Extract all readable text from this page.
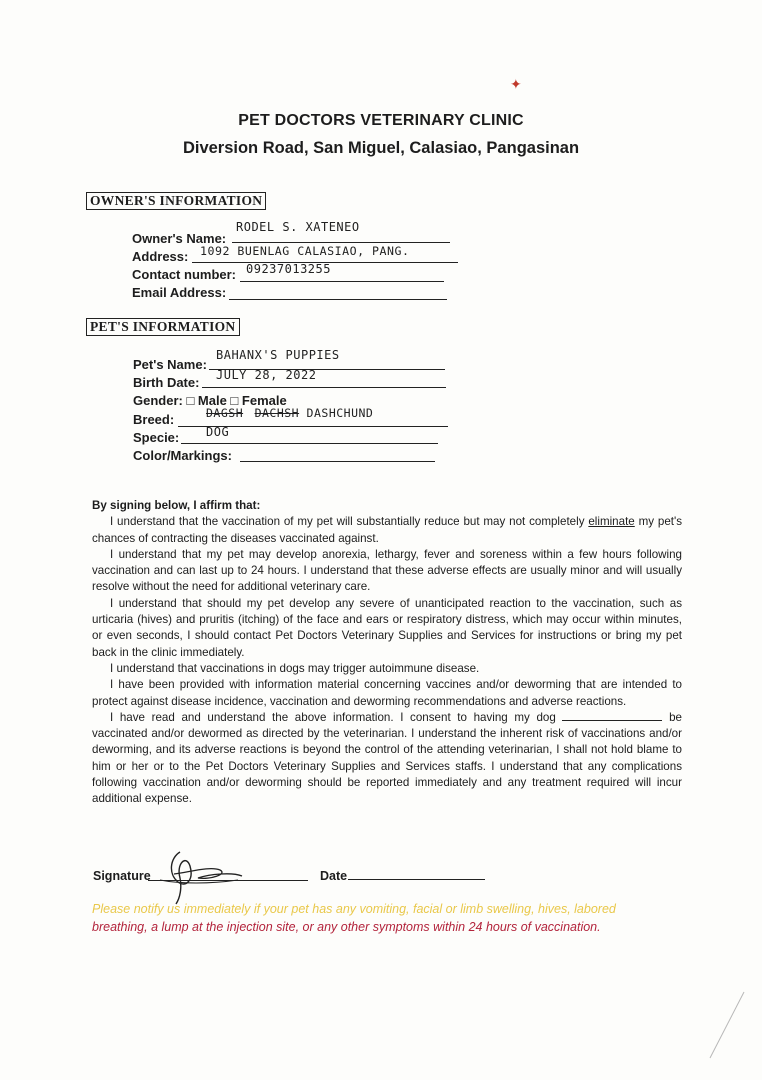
✦
PET DOCTORS VETERINARY CLINIC
Diversion Road, San Miguel, Calasiao, Pangasinan
OWNER'S INFORMATION
Owner's Name:
RODEL S. XATENEO
Address: 1092 BUENLAG CALASIAO, PANG.
Contact number: 09237013255
Email Address:
PET'S INFORMATION
Pet's Name:
BAHANX'S PUPPIES
Birth Date: JULY 28, 2022
Gender: □ Male □ Female
Breed:	DAGSH DACHSH DASHCHUND
Specie: DOG
Color/Markings:
By signing below, I affirm that:

I understand that the vaccination of my pet will substantially reduce but may not completely eliminate my pet's chances of contracting the diseases vaccinated against.

I understand that my pet may develop anorexia, lethargy, fever and soreness within a few hours following vaccination and can last up to 24 hours. I understand that these adverse effects are usually minor and will usually resolve without the need for additional veterinary care.

I understand that should my pet develop any severe of unanticipated reaction to the vaccination, such as urticaria (hives) and pruritis (itching) of the face and ears or respiratory distress, which may occur within minutes, or even seconds, I should contact Pet Doctors Veterinary Supplies and Services for instructions or bring my pet back in the clinic immediately.

I understand that vaccinations in dogs may trigger autoimmune disease.

I have been provided with information material concerning vaccines and/or deworming that are intended to protect against disease incidence, vaccination and deworming recommendations and adverse reactions.

I have read and understand the above information. I consent to having my dog	be vaccinated and/or dewormed as directed by the veterinarian. I understand the inherent risk of vaccinations and/or deworming, and its adverse reactions is beyond the control of the attending veterinarian, I shall not hold blame to him or her or to the Pet Doctors Veterinary Supplies and Services staffs. I understand that any complications following vaccination and/or deworming should be reported immediately and any treatment required will incur additional expense.

Signature	Date
Please notify us immediately if your pet has any vomiting, facial or limb swelling, hives, labored
breathing, a lump at the injection site, or any other symptoms within 24 hours of vaccination.
